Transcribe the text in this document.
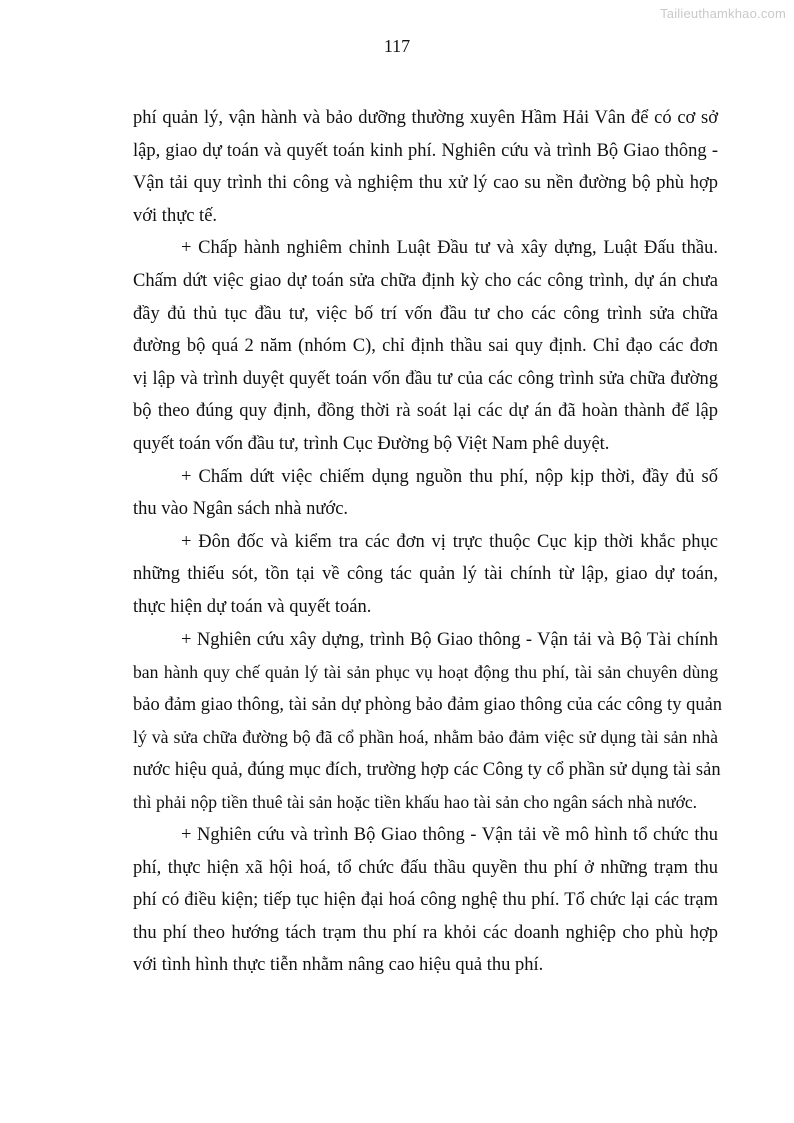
Tailieuthamkhao.com
117
phí quản lý, vận hành và bảo dưỡng thường xuyên Hầm Hải Vân để có cơ sở
lập, giao dự toán và quyết toán kinh phí. Nghiên cứu và trình Bộ Giao thông -
Vận tải quy trình thi công và nghiệm thu xử lý cao su nền đường bộ phù hợp
với thực tế.
+ Chấp hành nghiêm chỉnh Luật Đầu tư và xây dựng, Luật Đấu thầu.
Chấm dứt việc giao dự toán sửa chữa định kỳ cho các công trình, dự án chưa
đầy đủ thủ tục đầu tư, việc bố trí vốn đầu tư cho các công trình sửa chữa
đường bộ quá 2 năm (nhóm C), chỉ định thầu sai quy định. Chỉ đạo các đơn
vị lập và trình duyệt quyết toán vốn đầu tư của các công trình sửa chữa đường
bộ theo đúng quy định, đồng thời rà soát lại các dự án đã hoàn thành để lập
quyết toán vốn đầu tư, trình Cục Đường bộ Việt Nam phê duyệt.
+ Chấm dứt việc chiếm dụng nguồn thu phí, nộp kịp thời, đầy đủ số
thu vào Ngân sách nhà nước.
+ Đôn đốc và kiểm tra các đơn vị trực thuộc Cục kịp thời khắc phục
những thiếu sót, tồn tại về công tác quản lý tài chính từ lập, giao dự toán,
thực hiện dự toán và quyết toán.
+ Nghiên cứu xây dựng, trình Bộ Giao thông - Vận tải và Bộ Tài chính
ban hành quy chế quản lý tài sản phục vụ hoạt động thu phí, tài sản chuyên dùng
bảo đảm giao thông, tài sản dự phòng bảo đảm giao thông của các công ty quản
lý và sửa chữa đường bộ đã cổ phần hoá, nhằm bảo đảm việc sử dụng tài sản nhà
nước hiệu quả, đúng mục đích, trường hợp các Công ty cổ phần sử dụng tài sản
thì phải nộp tiền thuê tài sản hoặc tiền khấu hao tài sản cho ngân sách nhà nước.
+ Nghiên cứu và trình Bộ Giao thông - Vận tải về mô hình tổ chức thu
phí, thực hiện xã hội hoá, tổ chức đấu thầu quyền thu phí ở những trạm thu
phí có điều kiện; tiếp tục hiện đại hoá công nghệ thu phí. Tổ chức lại các trạm
thu phí theo hướng tách trạm thu phí ra khỏi các doanh nghiệp cho phù hợp
với tình hình thực tiễn nhằm nâng cao hiệu quả thu phí.
